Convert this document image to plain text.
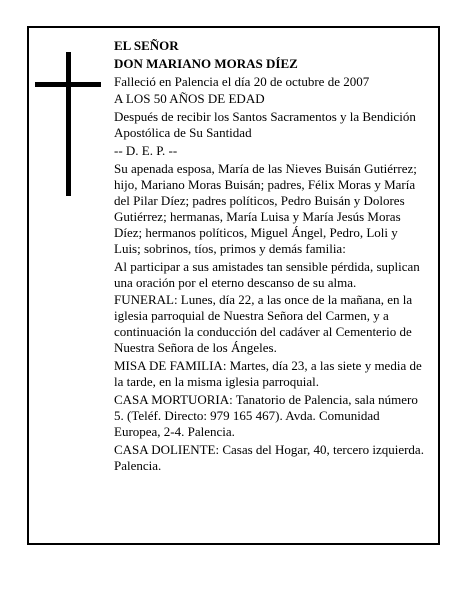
EL SEÑOR

DON MARIANO MORAS DÍEZ

Falleció en Palencia el día 20 de octubre de 2007

A LOS 50 AÑOS DE EDAD

Después de recibir los Santos Sacramentos y la Bendición Apostólica de Su Santidad

-- D. E. P. --

Su apenada esposa, María de las Nieves Buisán Gutiérrez; hijo, Mariano Moras Buisán; padres, Félix Moras y María del Pilar Díez; padres políticos, Pedro Buisán y Dolores Gutiérrez; hermanas, María Luisa y María Jesús Moras Díez; hermanos políticos, Miguel Ángel, Pedro, Loli y Luis; sobrinos, tíos, primos y demás familia:

Al participar a sus amistades tan sensible pérdida, suplican una oración por el eterno descanso de su alma.

FUNERAL: Lunes, día 22, a las once de la mañana, en la iglesia parroquial de Nuestra Señora del Carmen, y a continuación la conducción del cadáver al Cementerio de Nuestra Señora de los Ángeles.

MISA DE FAMILIA: Martes, día 23, a las siete y media de la tarde, en la misma iglesia parroquial.

CASA MORTUORIA: Tanatorio de Palencia, sala número 5. (Teléf. Directo: 979 165 467). Avda. Comunidad Europea, 2-4. Palencia.

CASA DOLIENTE: Casas del Hogar, 40, tercero izquierda. Palencia.
